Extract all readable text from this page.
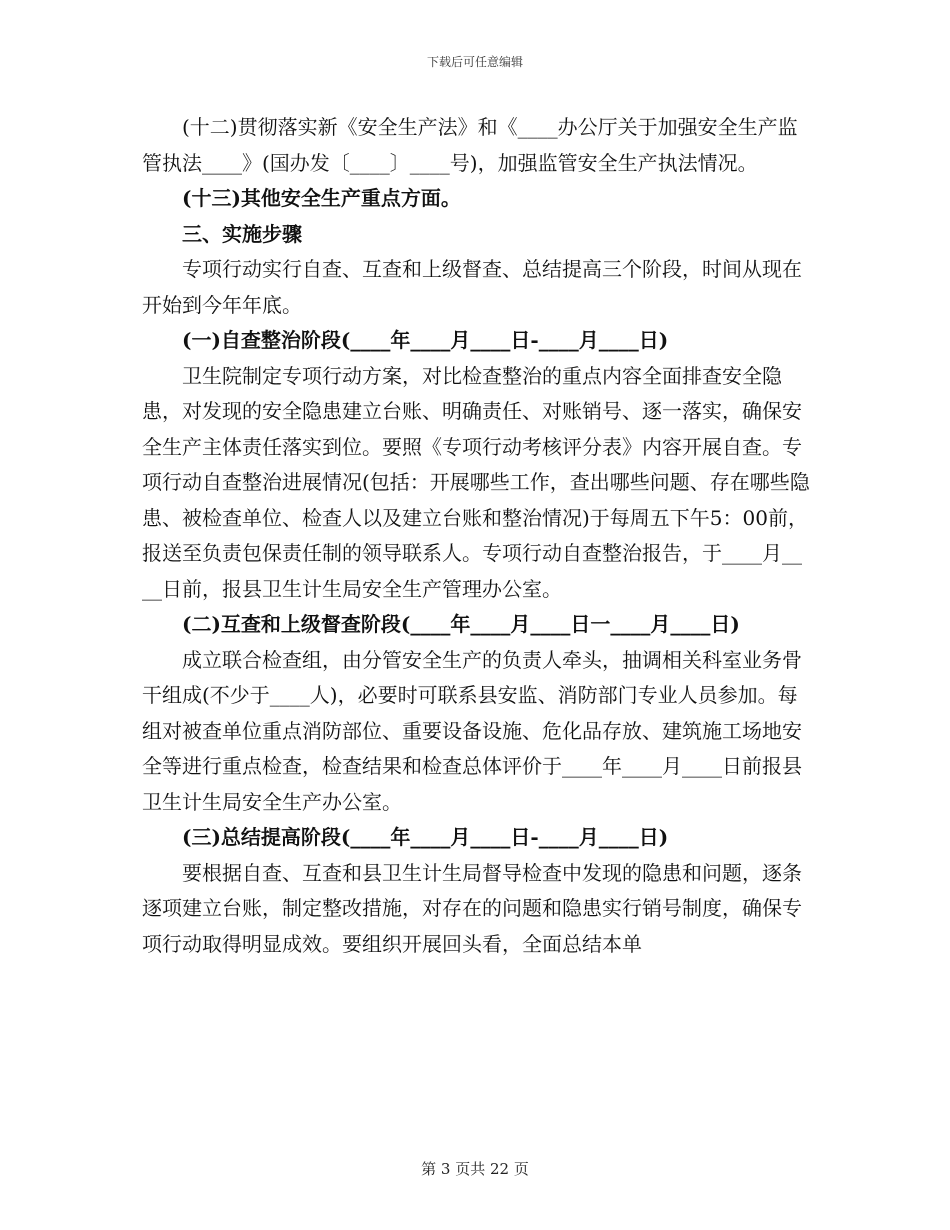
下载后可任意编辑

(十二)贯彻落实新《安全生产法》和《____办公厅关于加强安全生产监管执法____》(国办发〔____〕____号)，加强监管安全生产执法情况。

(十三)其他安全生产重点方面。

三、实施步骤

专项行动实行自查、互查和上级督查、总结提高三个阶段，时间从现在开始到今年年底。

(一)自查整治阶段(____年____月____日-____月____日)

卫生院制定专项行动方案，对比检查整治的重点内容全面排查安全隐患，对发现的安全隐患建立台账、明确责任、对账销号、逐一落实，确保安全生产主体责任落实到位。要照《专项行动考核评分表》内容开展自查。专项行动自查整治进展情况(包括：开展哪些工作，查出哪些问题、存在哪些隐患、被检查单位、检查人以及建立台账和整治情况)于每周五下午5：00前，报送至负责包保责任制的领导联系人。专项行动自查整治报告，于____月____日前，报县卫生计生局安全生产管理办公室。

(二)互查和上级督查阶段(____年____月____日一____月____日)

成立联合检查组，由分管安全生产的负责人牵头，抽调相关科室业务骨干组成(不少于____人)，必要时可联系县安监、消防部门专业人员参加。每组对被查单位重点消防部位、重要设备设施、危化品存放、建筑施工场地安全等进行重点检查，检查结果和检查总体评价于____年____月____日前报县卫生计生局安全生产办公室。

(三)总结提高阶段(____年____月____日-____月____日)

要根据自查、互查和县卫生计生局督导检查中发现的隐患和问题，逐条逐项建立台账，制定整改措施，对存在的问题和隐患实行销号制度，确保专项行动取得明显成效。要组织开展回头看，全面总结本单

第 3 页共 22 页
